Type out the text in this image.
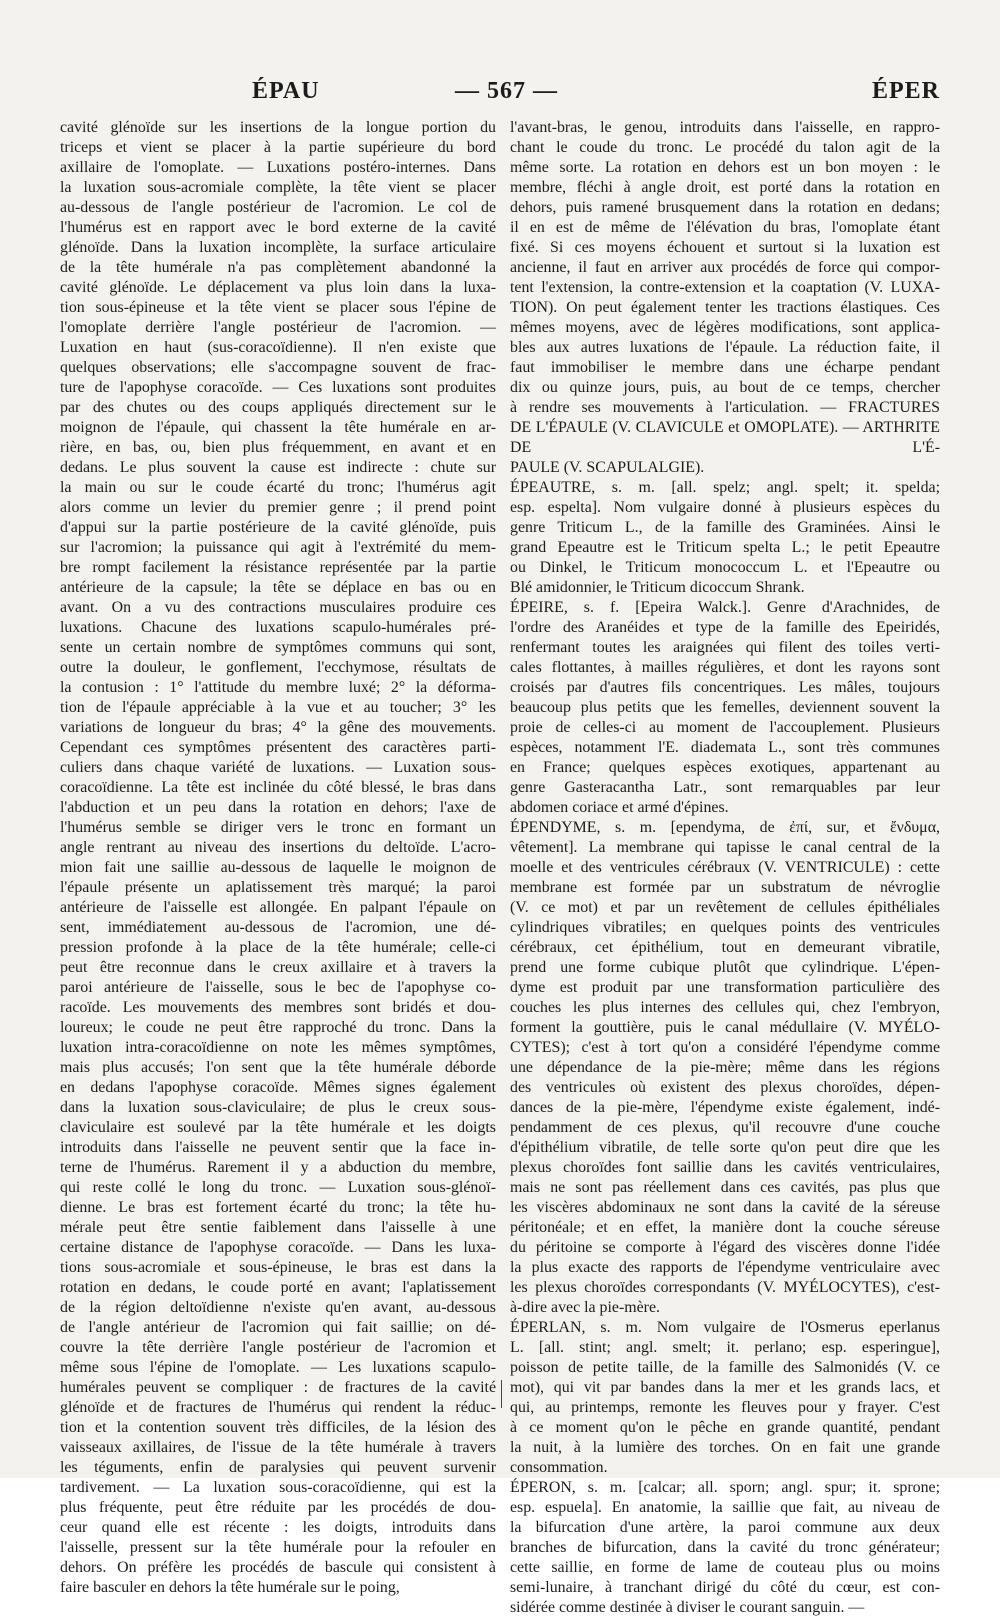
ÉPAU	— 567 —	ÉPER

cavité glénoïde sur les insertions de la longue portion du

triceps et vient se placer à la partie supérieure du bord

axillaire de l'omoplate. — Luxations postéro-internes. Dans

la luxation sous-acromiale complète, la tête vient se placer

au-dessous de l'angle postérieur de l'acromion. Le col de

l'humérus est en rapport avec le bord externe de la cavité

glénoïde. Dans la luxation incomplète, la surface articulaire

de la tête humérale n'a pas complètement abandonné la

cavité glénoïde. Le déplacement va plus loin dans la luxa-

tion sous-épineuse et la tête vient se placer sous l'épine de

l'omoplate derrière l'angle postérieur de l'acromion. —

Luxation en haut (sus-coracoïdienne). Il n'en existe que

quelques observations; elle s'accompagne souvent de frac-

ture de l'apophyse coracoïde. — Ces luxations sont produites

par des chutes ou des coups appliqués directement sur le

moignon de l'épaule, qui chassent la tête humérale en ar-

rière, en bas, ou, bien plus fréquemment, en avant et en

dedans. Le plus souvent la cause est indirecte : chute sur

la main ou sur le coude écarté du tronc; l'humérus agit

alors comme un levier du premier genre ; il prend point

d'appui sur la partie postérieure de la cavité glénoïde, puis

sur l'acromion; la puissance qui agit à l'extrémité du mem-

bre rompt facilement la résistance représentée par la partie

antérieure de la capsule; la tête se déplace en bas ou en

avant. On a vu des contractions musculaires produire ces

luxations. Chacune des luxations scapulo-humérales pré-

sente un certain nombre de symptômes communs qui sont,

outre la douleur, le gonflement, l'ecchymose, résultats de

la contusion : 1° l'attitude du membre luxé; 2° la déforma-

tion de l'épaule appréciable à la vue et au toucher; 3° les

variations de longueur du bras; 4° la gêne des mouvements.

Cependant ces symptômes présentent des caractères parti-

culiers dans chaque variété de luxations. — Luxation sous-

coracoïdienne. La tête est inclinée du côté blessé, le bras dans

l'abduction et un peu dans la rotation en dehors; l'axe de

l'humérus semble se diriger vers le tronc en formant un

angle rentrant au niveau des insertions du deltoïde. L'acro-

mion fait une saillie au-dessous de laquelle le moignon de

l'épaule présente un aplatissement très marqué; la paroi

antérieure de l'aisselle est allongée. En palpant l'épaule on

sent, immédiatement au-dessous de l'acromion, une dé-

pression profonde à la place de la tête humérale; celle-ci

peut être reconnue dans le creux axillaire et à travers la

paroi antérieure de l'aisselle, sous le bec de l'apophyse co-

racoïde. Les mouvements des membres sont bridés et dou-

loureux; le coude ne peut être rapproché du tronc. Dans la

luxation intra-coracoïdienne on note les mêmes symptômes,

mais plus accusés; l'on sent que la tête humérale déborde

en dedans l'apophyse coracoïde. Mêmes signes également

dans la luxation sous-claviculaire; de plus le creux sous-

claviculaire est soulevé par la tête humérale et les doigts

introduits dans l'aisselle ne peuvent sentir que la face in-

terne de l'humérus. Rarement il y a abduction du membre,

qui reste collé le long du tronc. — Luxation sous-glénoï-

dienne. Le bras est fortement écarté du tronc; la tête hu-

mérale peut être sentie faiblement dans l'aisselle à une

certaine distance de l'apophyse coracoïde. — Dans les luxa-

tions sous-acromiale et sous-épineuse, le bras est dans la

rotation en dedans, le coude porté en avant; l'aplatissement

de la région deltoïdienne n'existe qu'en avant, au-dessous

de l'angle antérieur de l'acromion qui fait saillie; on dé-

couvre la tête derrière l'angle postérieur de l'acromion et

même sous l'épine de l'omoplate. — Les luxations scapulo-

humérales peuvent se compliquer : de fractures de la cavité

glénoïde et de fractures de l'humérus qui rendent la réduc-

tion et la contention souvent très difficiles, de la lésion des

vaisseaux axillaires, de l'issue de la tête humérale à travers

les téguments, enfin de paralysies qui peuvent survenir

tardivement. — La luxation sous-coracoïdienne, qui est la

plus fréquente, peut être réduite par les procédés de dou-

ceur quand elle est récente : les doigts, introduits dans

l'aisselle, pressent sur la tête humérale pour la refouler en

dehors. On préfère les procédés de bascule qui consistent à

faire basculer en dehors la tête humérale sur le poing,

l'avant-bras, le genou, introduits dans l'aisselle, en rappro-

chant le coude du tronc. Le procédé du talon agit de la

même sorte. La rotation en dehors est un bon moyen : le

membre, fléchi à angle droit, est porté dans la rotation en

dehors, puis ramené brusquement dans la rotation en dedans;

il en est de même de l'élévation du bras, l'omoplate étant

fixé. Si ces moyens échouent et surtout si la luxation est

ancienne, il faut en arriver aux procédés de force qui compor-

tent l'extension, la contre-extension et la coaptation (V. LUXA-

TION). On peut également tenter les tractions élastiques. Ces

mêmes moyens, avec de légères modifications, sont applica-

bles aux autres luxations de l'épaule. La réduction faite, il

faut immobiliser le membre dans une écharpe pendant

dix ou quinze jours, puis, au bout de ce temps, chercher

à rendre ses mouvements à l'articulation. — FRACTURES

DE L'ÉPAULE (V. CLAVICULE et OMOPLATE). — ARTHRITE DE L'É-

PAULE (V. SCAPULALGIE).

ÉPEAUTRE, s. m. [all. spelz; angl. spelt; it. spelda;

esp. espelta]. Nom vulgaire donné à plusieurs espèces du

genre Triticum L., de la famille des Graminées. Ainsi le

grand Epeautre est le Triticum spelta L.; le petit Epeautre

ou Dinkel, le Triticum monococcum L. et l'Epeautre ou

Blé amidonnier, le Triticum dicoccum Shrank.

ÉPEIRE, s. f. [Epeira Walck.]. Genre d'Arachnides, de

l'ordre des Aranéides et type de la famille des Epeiridés,

renfermant toutes les araignées qui filent des toiles verti-

cales flottantes, à mailles régulières, et dont les rayons sont

croisés par d'autres fils concentriques. Les mâles, toujours

beaucoup plus petits que les femelles, deviennent souvent la

proie de celles-ci au moment de l'accouplement. Plusieurs

espèces, notamment l'E. diademata L., sont très communes

en France; quelques espèces exotiques, appartenant au

genre Gasteracantha Latr., sont remarquables par leur

abdomen coriace et armé d'épines.

ÉPENDYME, s. m. [ependyma, de ἐπί, sur, et ἔνδυμα,

vêtement]. La membrane qui tapisse le canal central de la

moelle et des ventricules cérébraux (V. VENTRICULE) : cette

membrane est formée par un substratum de névroglie

(V. ce mot) et par un revêtement de cellules épithéliales

cylindriques vibratiles; en quelques points des ventricules

cérébraux, cet épithélium, tout en demeurant vibratile,

prend une forme cubique plutôt que cylindrique. L'épen-

dyme est produit par une transformation particulière des

couches les plus internes des cellules qui, chez l'embryon,

forment la gouttière, puis le canal médullaire (V. MYÉLO-

CYTES); c'est à tort qu'on a considéré l'épendyme comme

une dépendance de la pie-mère; même dans les régions

des ventricules où existent des plexus choroïdes, dépen-

dances de la pie-mère, l'épendyme existe également, indé-

pendamment de ces plexus, qu'il recouvre d'une couche

d'épithélium vibratile, de telle sorte qu'on peut dire que les

plexus choroïdes font saillie dans les cavités ventriculaires,

mais ne sont pas réellement dans ces cavités, pas plus que

les viscères abdominaux ne sont dans la cavité de la séreuse

péritonéale; et en effet, la manière dont la couche séreuse

du péritoine se comporte à l'égard des viscères donne l'idée

la plus exacte des rapports de l'épendyme ventriculaire avec

les plexus choroïdes correspondants (V. MYÉLOCYTES), c'est-

à-dire avec la pie-mère.

ÉPERLAN, s. m. Nom vulgaire de l'Osmerus eperlanus

L. [all. stint; angl. smelt; it. perlano; esp. esperingue],

poisson de petite taille, de la famille des Salmonidés (V. ce

mot), qui vit par bandes dans la mer et les grands lacs, et

qui, au printemps, remonte les fleuves pour y frayer. C'est

à ce moment qu'on le pêche en grande quantité, pendant

la nuit, à la lumière des torches. On en fait une grande

consommation.

ÉPERON, s. m. [calcar; all. sporn; angl. spur; it. sprone;

esp. espuela]. En anatomie, la saillie que fait, au niveau de

la bifurcation d'une artère, la paroi commune aux deux

branches de bifurcation, dans la cavité du tronc générateur;

cette saillie, en forme de lame de couteau plus ou moins

semi-lunaire, à tranchant dirigé du côté du cœur, est con-

sidérée comme destinée à diviser le courant sanguin. —
